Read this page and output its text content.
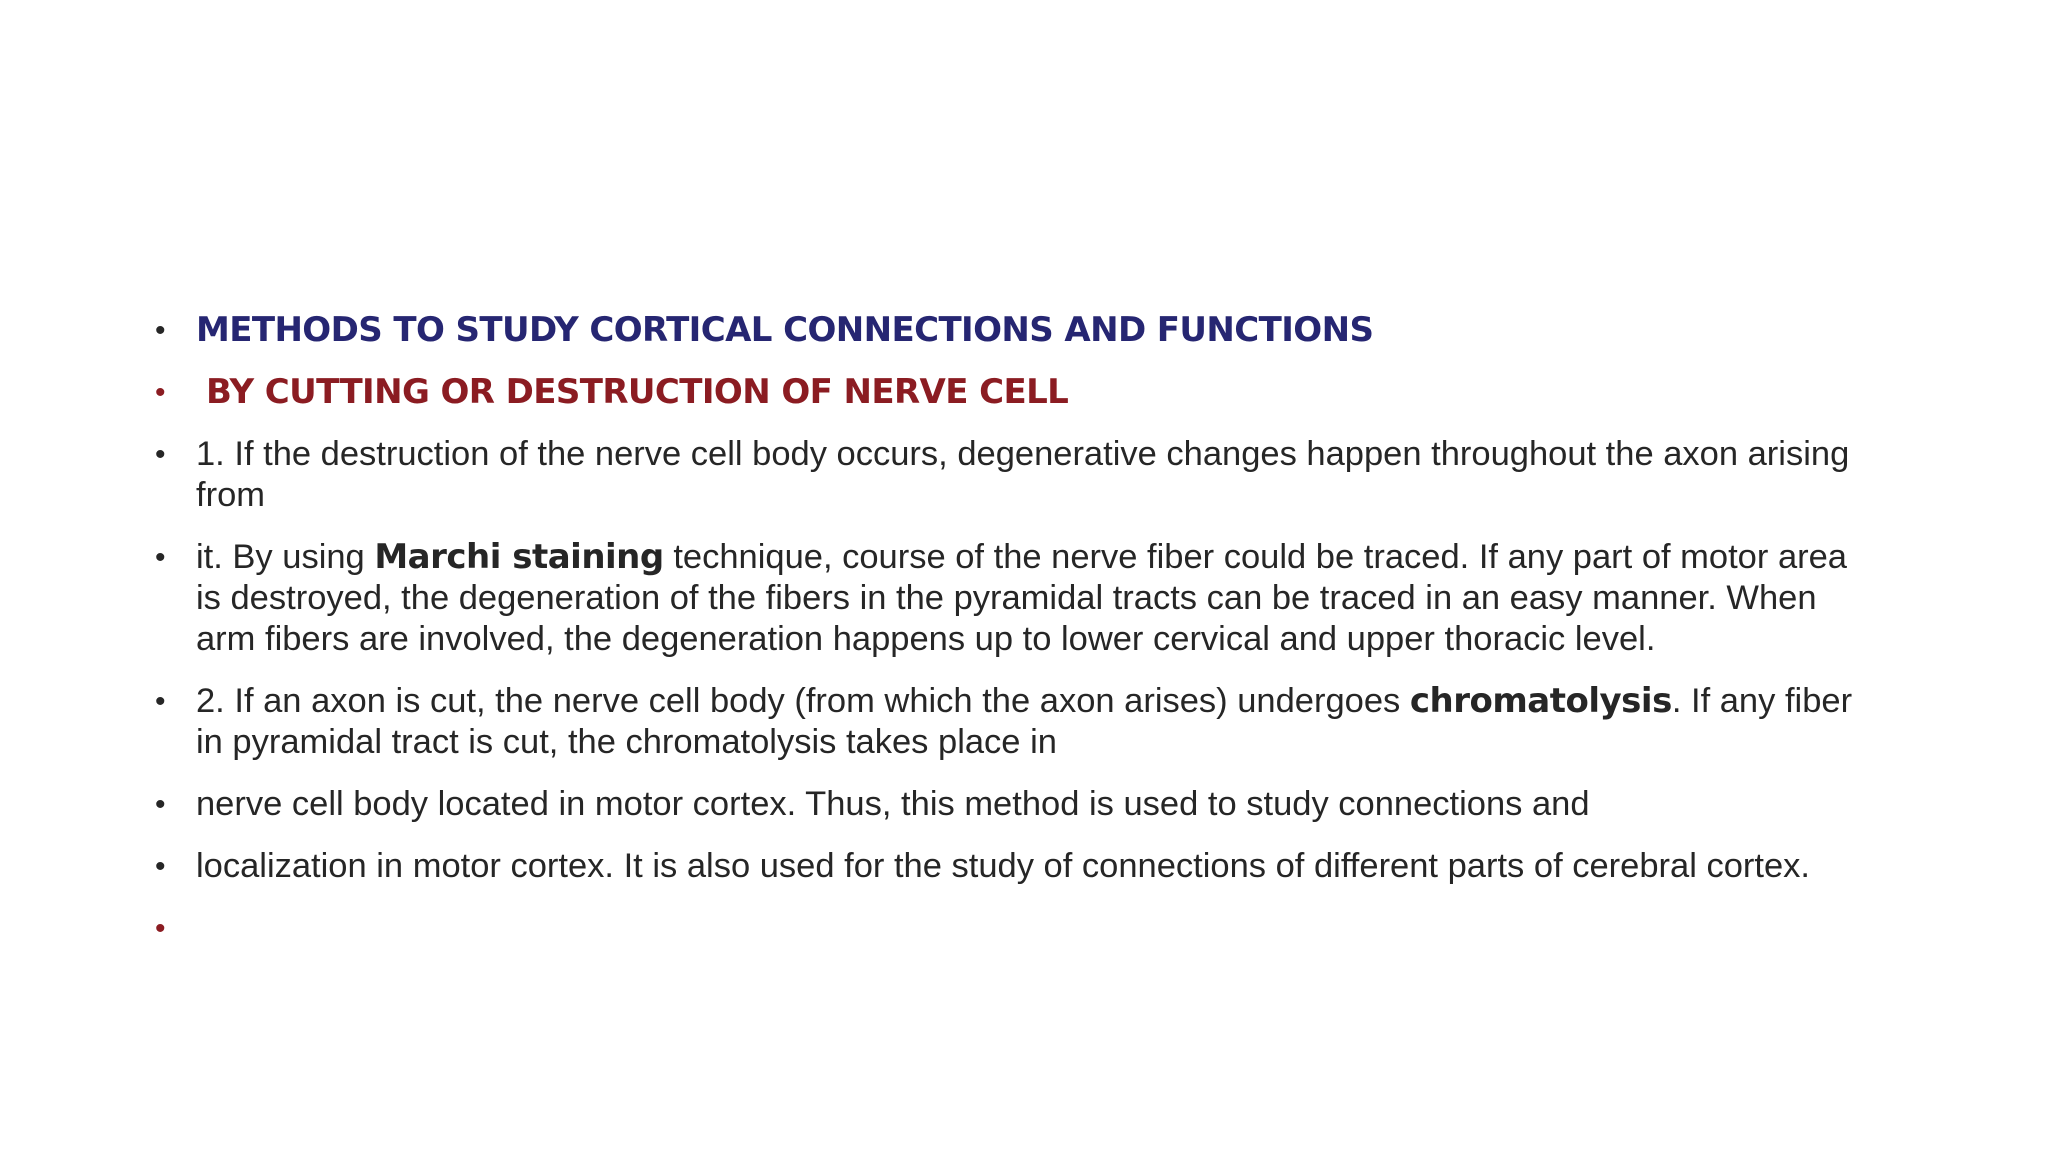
• METHODS TO STUDY CORTICAL CONNECTIONS AND FUNCTIONS
• BY CUTTING OR DESTRUCTION OF NERVE CELL
• 1. If the destruction of the nerve cell body occurs, degenerative changes happen throughout the axon arising from
• it. By using Marchi staining technique, course of the nerve fiber could be traced. If any part of motor area is destroyed, the degeneration of the fibers in the pyramidal tracts can be traced in an easy manner. When arm fibers are involved, the degeneration happens up to lower cervical and upper thoracic level.
• 2. If an axon is cut, the nerve cell body (from which the axon arises) undergoes chromatolysis. If any fiber in pyramidal tract is cut, the chromatolysis takes place in
• nerve cell body located in motor cortex. Thus, this method is used to study connections and
• localization in motor cortex. It is also used for the study of connections of different parts of cerebral cortex.
•
